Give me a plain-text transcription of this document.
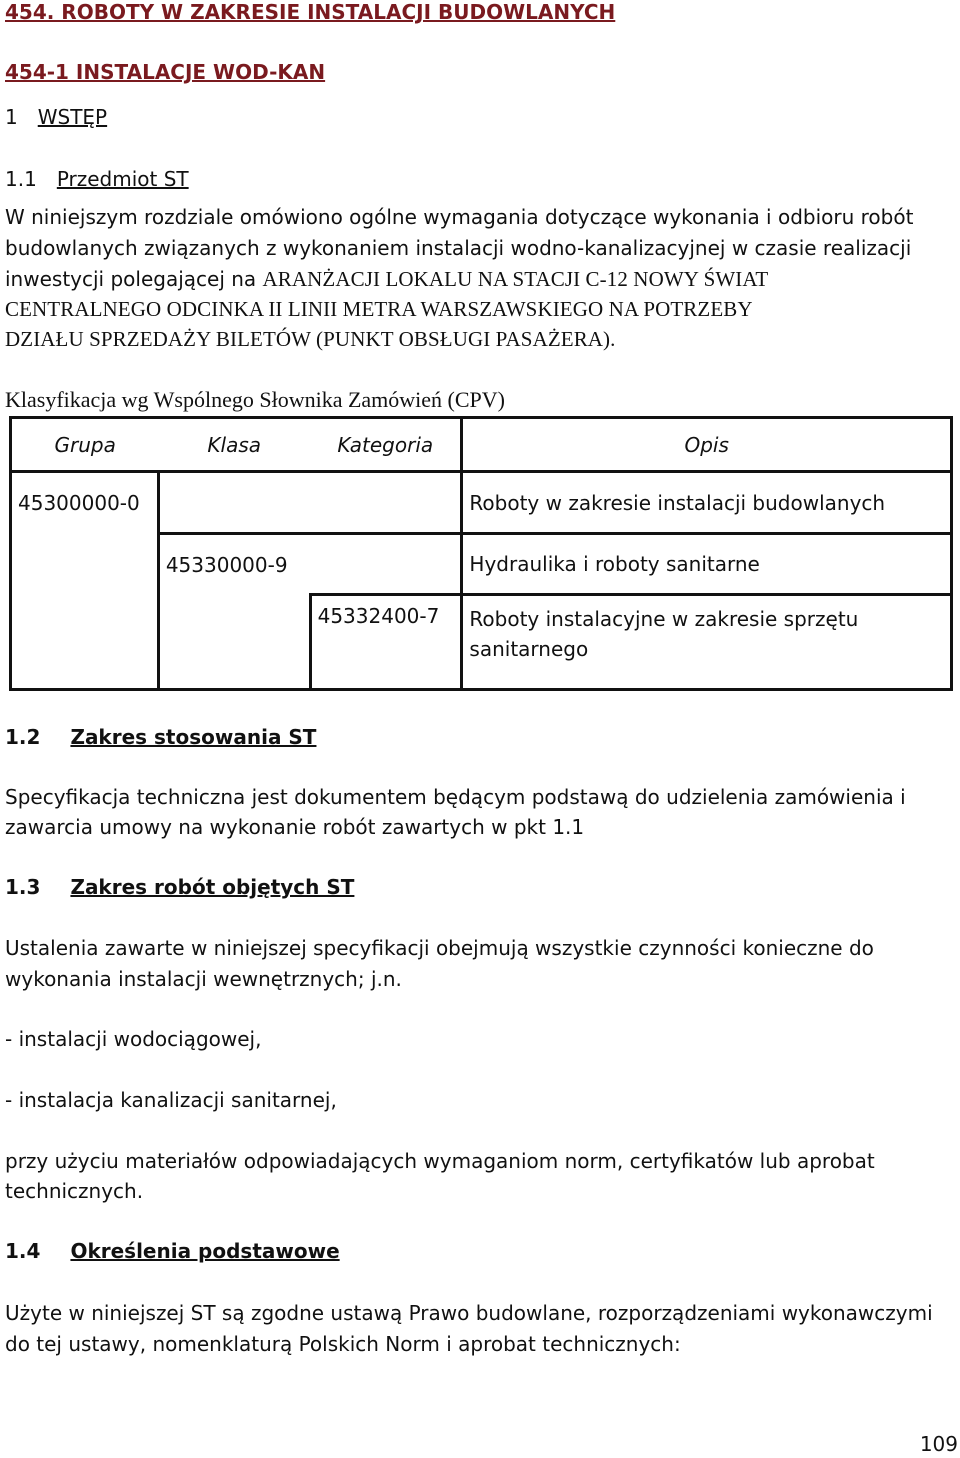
454. ROBOTY W ZAKRESIE INSTALACJI BUDOWLANYCH
454-1 INSTALACJE WOD-KAN
1 WSTĘP
1.1 Przedmiot ST
W niniejszym rozdziale omówiono ogólne wymagania dotyczące wykonania i odbioru robót
budowlanych związanych z wykonaniem instalacji wodno-kanalizacyjnej w czasie realizacji
inwestycji polegającej na ARANŻACJI LOKALU NA STACJI C-12 NOWY ŚWIAT
CENTRALNEGO ODCINKA II LINII METRA WARSZAWSKIEGO NA POTRZEBY
DZIAŁU SPRZEDAŻY BILETÓW (PUNKT OBSŁUGI PASAŻERA).
Klasyfikacja wg Wspólnego Słownika Zamówień (CPV)
Grupa	Klasa	Kategoria	Opis
45300000-0			Roboty w zakresie instalacji budowlanych
	45330000-9		Hydraulika i roboty sanitarne
		45332400-7	Roboty instalacyjne w zakresie sprzętu sanitarnego
1.2 Zakres stosowania ST
Specyfikacja techniczna jest dokumentem będącym podstawą do udzielenia zamówienia i
zawarcia umowy na wykonanie robót zawartych w pkt 1.1
1.3 Zakres robót objętych ST
Ustalenia zawarte w niniejszej specyfikacji obejmują wszystkie czynności konieczne do
wykonania instalacji wewnętrznych; j.n.
- instalacji wodociągowej,
- instalacja kanalizacji sanitarnej,
przy użyciu materiałów odpowiadających wymaganiom norm, certyfikatów lub aprobat
technicznych.
1.4 Określenia podstawowe
Użyte w niniejszej ST są zgodne ustawą Prawo budowlane, rozporządzeniami wykonawczymi
do tej ustawy, nomenklaturą Polskich Norm i aprobat technicznych:
109
